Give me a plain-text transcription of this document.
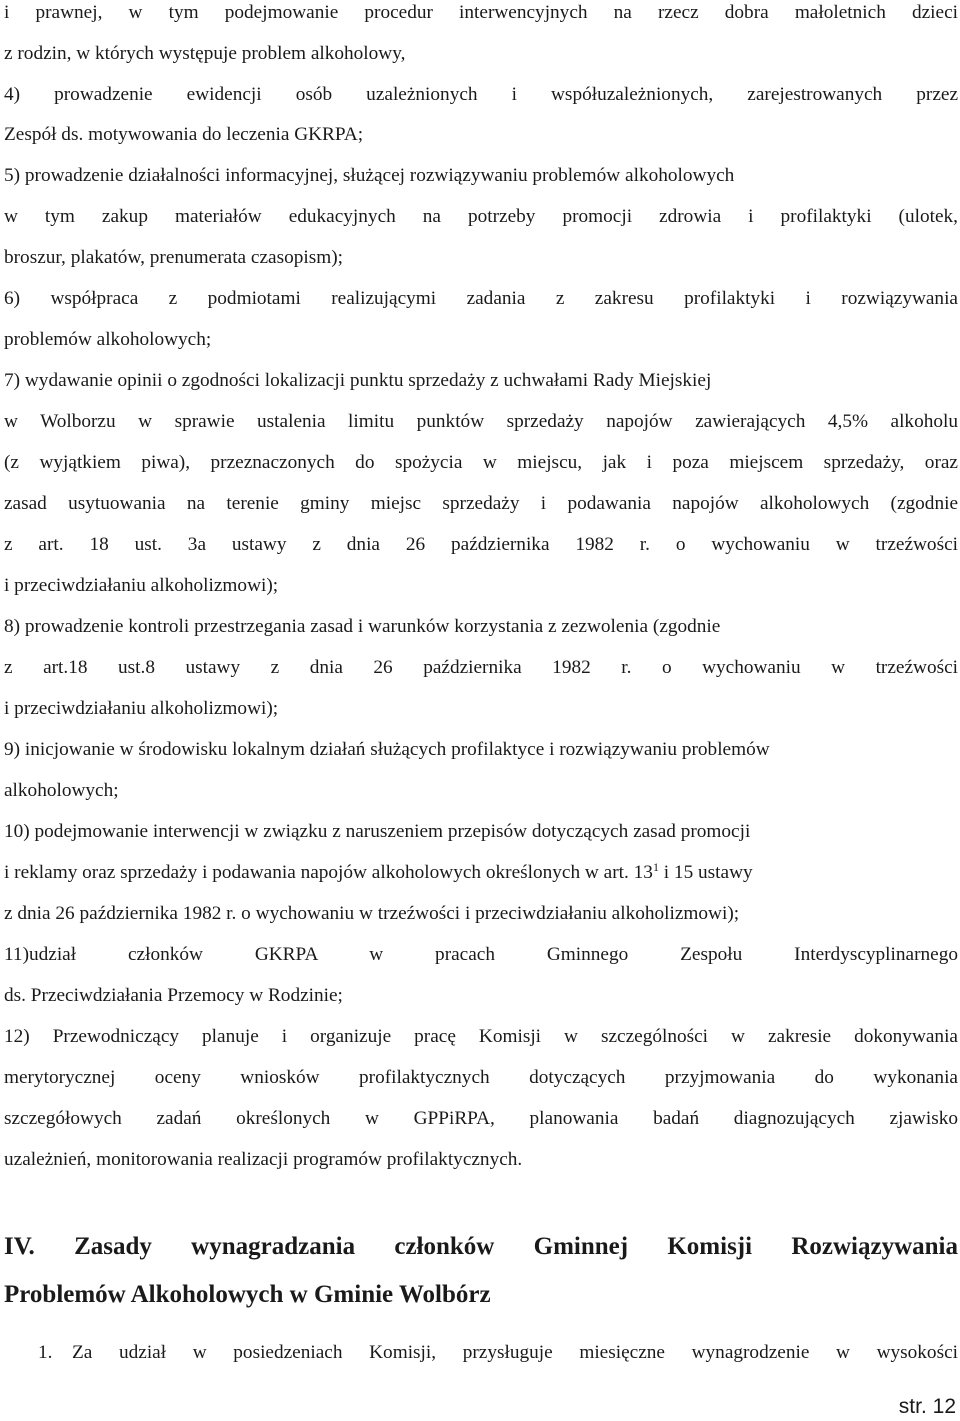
i prawnej, w tym podejmowanie procedur interwencyjnych na rzecz dobra małoletnich dzieci
z rodzin, w których występuje problem alkoholowy,
4) prowadzenie ewidencji osób uzależnionych i współuzależnionych, zarejestrowanych przez
Zespół ds. motywowania do leczenia GKRPA;
5) prowadzenie działalności informacyjnej, służącej rozwiązywaniu problemów alkoholowych
w tym zakup materiałów edukacyjnych na potrzeby promocji zdrowia i profilaktyki (ulotek,
broszur, plakatów, prenumerata czasopism);
6) współpraca z podmiotami realizującymi zadania z zakresu profilaktyki i rozwiązywania
problemów alkoholowych;
7) wydawanie opinii o zgodności lokalizacji punktu sprzedaży z uchwałami Rady Miejskiej
w Wolborzu w sprawie ustalenia limitu punktów sprzedaży napojów zawierających 4,5% alkoholu
(z wyjątkiem piwa), przeznaczonych do spożycia w miejscu, jak i poza miejscem sprzedaży, oraz
zasad usytuowania na terenie gminy miejsc sprzedaży i podawania napojów alkoholowych (zgodnie
z art. 18 ust. 3a ustawy z dnia 26 października 1982 r. o wychowaniu w trzeźwości
i przeciwdziałaniu alkoholizmowi);
8) prowadzenie kontroli przestrzegania zasad i warunków korzystania z zezwolenia (zgodnie
z art.18 ust.8 ustawy z dnia 26 października 1982 r. o wychowaniu w trzeźwości
i przeciwdziałaniu alkoholizmowi);
9) inicjowanie w środowisku lokalnym działań służących profilaktyce i rozwiązywaniu problemów
alkoholowych;
10) podejmowanie interwencji w związku z naruszeniem przepisów dotyczących zasad promocji
i reklamy oraz sprzedaży i podawania napojów alkoholowych określonych w art. $13^1$ i 15 ustawy
z dnia 26 października 1982 r. o wychowaniu w trzeźwości i przeciwdziałaniu alkoholizmowi);
11)udział członków GKRPA w pracach Gminnego Zespołu Interdyscyplinarnego
ds. Przeciwdziałania Przemocy w Rodzinie;
12) Przewodniczący planuje i organizuje pracę Komisji w szczególności w zakresie dokonywania
merytorycznej oceny wniosków profilaktycznych dotyczących przyjmowania do wykonania
szczegółowych zadań określonych w GPPiRPA, planowania badań diagnozujących zjawisko
uzależnień, monitorowania realizacji programów profilaktycznych.
IV. Zasady wynagradzania członków Gminnej Komisji Rozwiązywania
Problemów Alkoholowych w Gminie Wolbórz
1. Za udział w posiedzeniach Komisji, przysługuje miesięczne wynagrodzenie w wysokości
str. 12
